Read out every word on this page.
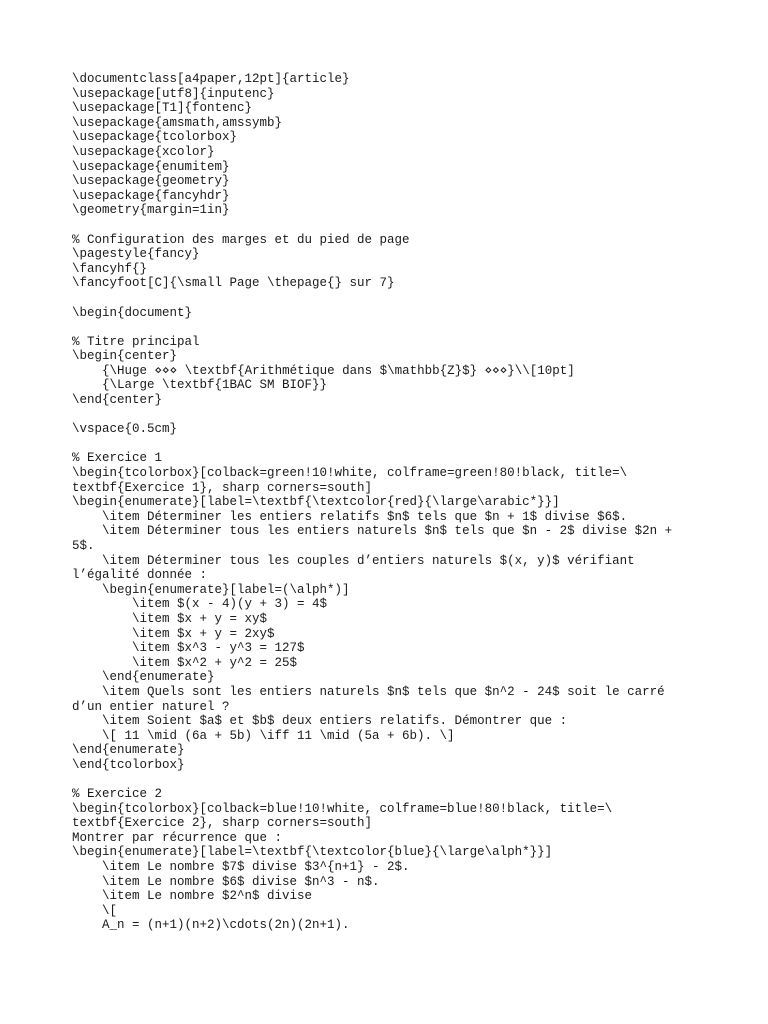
\documentclass[a4paper,12pt]{article}
\usepackage[utf8]{inputenc}
\usepackage[T1]{fontenc}
\usepackage{amsmath,amssymb}
\usepackage{tcolorbox}
\usepackage{xcolor}
\usepackage{enumitem}
\usepackage{geometry}
\usepackage{fancyhdr}
\geometry{margin=1in}
% Configuration des marges et du pied de page
\pagestyle{fancy}
\fancyhf{}
\fancyfoot[C]{\small Page \thepage{} sur 7}
\begin{document}
% Titre principal
\begin{center}
{\Huge ⋄⋄⋄ \textbf{Arithmétique dans $\mathbb{Z}$} ⋄⋄⋄}\\[10pt]
{\Large \textbf{1BAC SM BIOF}}
\end{center}
\vspace{0.5cm}
% Exercice 1
\begin{tcolorbox}[colback=green!10!white, colframe=green!80!black, title=\
textbf{Exercice 1}, sharp corners=south]
\begin{enumerate}[label=\textbf{\textcolor{red}{\large\arabic*}}]
\item Déterminer les entiers relatifs $n$ tels que $n + 1$ divise $6$.
\item Déterminer tous les entiers naturels $n$ tels que $n - 2$ divise $2n +
5$.
\item Déterminer tous les couples d’entiers naturels $(x, y)$ vérifiant
l’égalité donnée :
\begin{enumerate}[label=(\alph*)]
\item $(x - 4)(y + 3) = 4$
\item $x + y = xy$
\item $x + y = 2xy$
\item $x^3 - y^3 = 127$
\item $x^2 + y^2 = 25$
\end{enumerate}
\item Quels sont les entiers naturels $n$ tels que $n^2 - 24$ soit le carré
d’un entier naturel ?
\item Soient $a$ et $b$ deux entiers relatifs. Démontrer que :
\[ 11 \mid (6a + 5b) \iff 11 \mid (5a + 6b). \]
\end{enumerate}
\end{tcolorbox}
% Exercice 2
\begin{tcolorbox}[colback=blue!10!white, colframe=blue!80!black, title=\
textbf{Exercice 2}, sharp corners=south]
Montrer par récurrence que :
\begin{enumerate}[label=\textbf{\textcolor{blue}{\large\alph*}}]
\item Le nombre $7$ divise $3^{n+1} - 2$.
\item Le nombre $6$ divise $n^3 - n$.
\item Le nombre $2^n$ divise
\[
A_n = (n+1)(n+2)\cdots(2n)(2n+1).
